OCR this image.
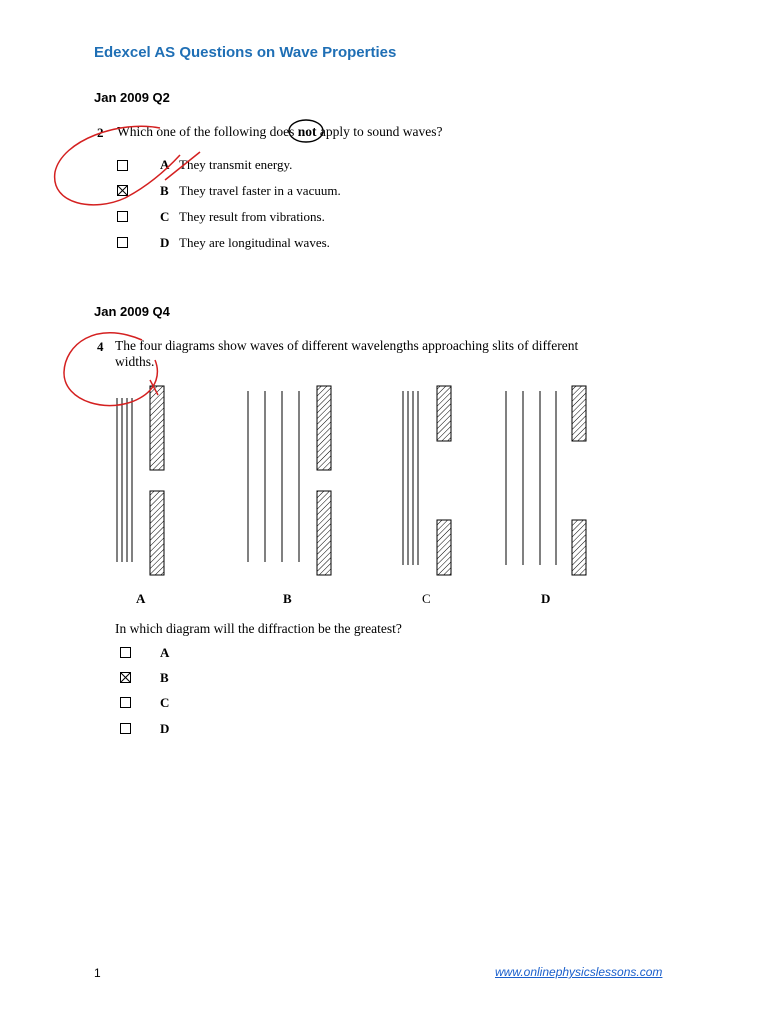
Edexcel AS Questions on Wave Properties
Jan 2009 Q2
2 Which one of the following does not apply to sound waves?
A They transmit energy.
B They travel faster in a vacuum.
C They result from vibrations.
D They are longitudinal waves.
Jan 2009 Q4
4 The four diagrams show waves of different wavelengths approaching slits of different
widths.
A	B	C	D
In which diagram will the diffraction be the greatest?
A
B
C
D
1	www.onlinephysicslessons.com
